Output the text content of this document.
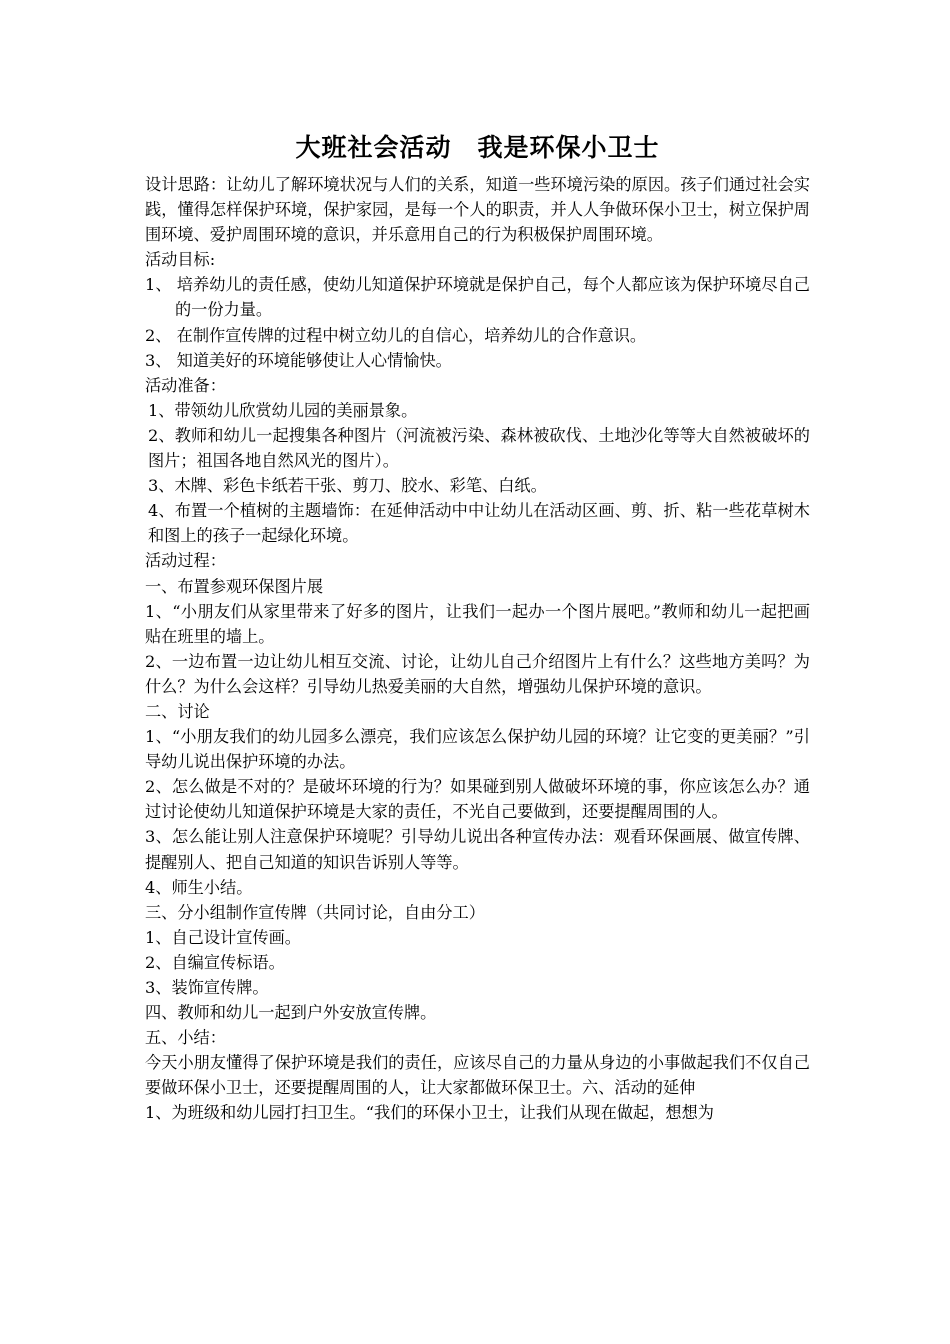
大班社会活动　我是环保小卫士

设计思路：让幼儿了解环境状况与人们的关系，知道一些环境污染的原因。孩子们通过社会实践，懂得怎样保护环境，保护家园，是每一个人的职责，并人人争做环保小卫士，树立保护周围环境、爱护周围环境的意识，并乐意用自己的行为积极保护周围环境。

活动目标:

1、 培养幼儿的责任感，使幼儿知道保护环境就是保护自己，每个人都应该为保护环境尽自己的一份力量。

2、 在制作宣传牌的过程中树立幼儿的自信心，培养幼儿的合作意识。

3、 知道美好的环境能够使让人心情愉快。

活动准备：

1、带领幼儿欣赏幼儿园的美丽景象。

2、教师和幼儿一起搜集各种图片（河流被污染、森林被砍伐、土地沙化等等大自然被破坏的图片；祖国各地自然风光的图片）。

3、木牌、彩色卡纸若干张、剪刀、胶水、彩笔、白纸。

4、布置一个植树的主题墙饰：在延伸活动中中让幼儿在活动区画、剪、折、粘一些花草树木和图上的孩子一起绿化环境。

活动过程：

一、布置参观环保图片展

1、“小朋友们从家里带来了好多的图片，让我们一起办一个图片展吧。”教师和幼儿一起把画贴在班里的墙上。

2、一边布置一边让幼儿相互交流、讨论，让幼儿自己介绍图片上有什么？这些地方美吗？为什么？为什么会这样？引导幼儿热爱美丽的大自然，增强幼儿保护环境的意识。

二、讨论

1、“小朋友我们的幼儿园多么漂亮，我们应该怎么保护幼儿园的环境？让它变的更美丽？”引导幼儿说出保护环境的办法。

2、怎么做是不对的？是破坏环境的行为？如果碰到别人做破坏环境的事，你应该怎么办？通过讨论使幼儿知道保护环境是大家的责任，不光自己要做到，还要提醒周围的人。

3、怎么能让别人注意保护环境呢？引导幼儿说出各种宣传办法：观看环保画展、做宣传牌、提醒别人、把自己知道的知识告诉别人等等。

4、师生小结。

三、分小组制作宣传牌（共同讨论，自由分工）

1、自己设计宣传画。

2、自编宣传标语。

3、装饰宣传牌。

四、教师和幼儿一起到户外安放宣传牌。

五、小结：

今天小朋友懂得了保护环境是我们的责任，应该尽自己的力量从身边的小事做起我们不仅自己要做环保小卫士，还要提醒周围的人，让大家都做环保卫士。六、活动的延伸

1、为班级和幼儿园打扫卫生。“我们的环保小卫士，让我们从现在做起，想想为
